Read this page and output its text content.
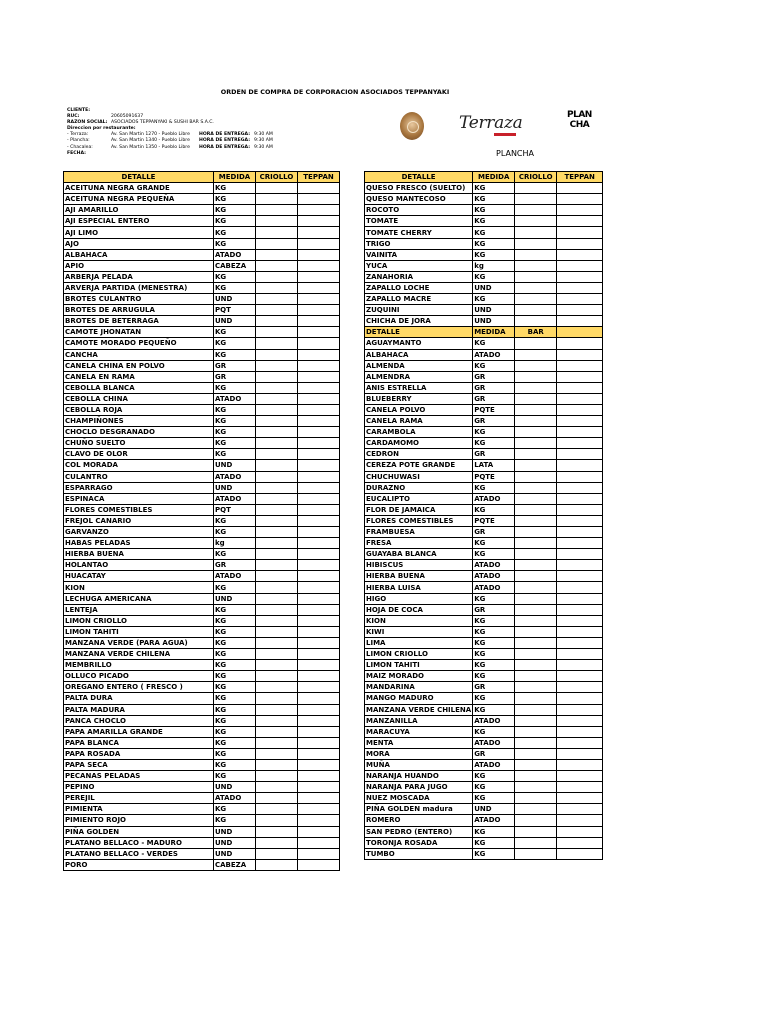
ORDEN DE COMPRA DE CORPORACION ASOCIADOS TEPPANYAKI
CLIENTE:
RUC:	20605091637
RAZON SOCIAL: ASOCIADOS TEPPANYAKI & SUSHI BAR S.A.C.
Direccion por restaurante:
- Terraza:	Av. San Martin 1270 - Pueblo Libre	HORA DE ENTREGA: 9:30 AM
- Plancha:	Av. San Martin 1340 - Pueblo Libre	HORA DE ENTREGA: 9:30 AM
- Chacalea:	Av. San Martin 1350 - Pueblo Libre	HORA DE ENTREGA: 9:30 AM
FECHA:
Terraza	PLAN
CHA
PLANCHA
DETALLE	MEDIDA	CRIOLLO	TEPPAN
ACEITUNA NEGRA GRANDE	KG		
ACEITUNA NEGRA PEQUEÑA	KG		
AJI AMARILLO	KG		
AJI ESPECIAL ENTERO	KG		
AJI LIMO	KG		
AJO	KG		
ALBAHACA	ATADO		
APIO	CABEZA		
ARBERJA PELADA	KG		
ARVERJA PARTIDA (MENESTRA)	KG		
BROTES CULANTRO	UND		
BROTES DE ARRUGULA	PQT		
BROTES DE BETERRAGA	UND		
CAMOTE JHONATAN	KG		
CAMOTE MORADO PEQUEÑO	KG		
CANCHA	KG		
CANELA CHINA EN POLVO	GR		
CANELA EN RAMA	GR		
CEBOLLA BLANCA	KG		
CEBOLLA CHINA	ATADO		
CEBOLLA ROJA	KG		
CHAMPIÑONES	KG		
CHOCLO DESGRANADO	KG		
CHUÑO SUELTO	KG		
CLAVO DE OLOR	KG		
COL MORADA	UND		
CULANTRO	ATADO		
ESPARRAGO	UND		
ESPINACA	ATADO		
FLORES COMESTIBLES	PQT		
FREJOL CANARIO	KG		
GARVANZO	KG		
HABAS PELADAS	kg		
HIERBA BUENA	KG		
HOLANTAO	GR		
HUACATAY	ATADO		
KION	KG		
LECHUGA AMERICANA	UND		
LENTEJA	KG		
LIMON CRIOLLO	KG		
LIMON TAHITI	KG		
MANZANA VERDE (PARA AGUA)	KG		
MANZANA VERDE CHILENA	KG		
MEMBRILLO	KG		
OLLUCO PICADO	KG		
OREGANO ENTERO ( FRESCO )	KG		
PALTA DURA	KG		
PALTA MADURA	KG		
PANCA CHOCLO	KG		
PAPA AMARILLA GRANDE	KG		
PAPA BLANCA	KG		
PAPA ROSADA	KG		
PAPA SECA	KG		
PECANAS PELADAS	KG		
PEPINO	UND		
PEREJIL	ATADO		
PIMIENTA	KG		
PIMIENTO ROJO	KG		
PIÑA GOLDEN	UND		
PLATANO BELLACO - MADURO	UND		
PLATANO BELLACO - VERDES	UND		
PORO	CABEZA		
DETALLE	MEDIDA	CRIOLLO	TEPPAN
QUESO FRESCO (SUELTO)	KG		
QUESO MANTECOSO	KG		
ROCOTO	KG		
TOMATE	KG		
TOMATE CHERRY	KG		
TRIGO	KG		
VAINITA	KG		
YUCA	kg		
ZANAHORIA	KG		
ZAPALLO LOCHE	UND		
ZAPALLO MACRE	KG		
ZUQUINI	UND		
CHICHA DE JORA	UND		
DETALLE	MEDIDA	BAR	
AGUAYMANTO	KG		
ALBAHACA	ATADO		
ALMENDA	KG		
ALMENDRA	GR		
ANIS ESTRELLA	GR		
BLUEBERRY	GR		
CANELA POLVO	PQTE		
CANELA RAMA	GR		
CARAMBOLA	KG		
CARDAMOMO	KG		
CEDRON	GR		
CEREZA POTE GRANDE	LATA		
CHUCHUWASI	PQTE		
DURAZNO	KG		
EUCALIPTO	ATADO		
FLOR DE JAMAICA	KG		
FLORES COMESTIBLES	PQTE		
FRAMBUESA	GR		
FRESA	KG		
GUAYABA BLANCA	KG		
HIBISCUS	ATADO		
HIERBA BUENA	ATADO		
HIERBA LUISA	ATADO		
HIGO	KG		
HOJA DE COCA	GR		
KION	KG		
KIWI	KG		
LIMA	KG		
LIMON CRIOLLO	KG		
LIMON TAHITI	KG		
MAIZ MORADO	KG		
MANDARINA	GR		
MANGO MADURO	KG		
MANZANA VERDE CHILENA	KG		
MANZANILLA	ATADO		
MARACUYA	KG		
MENTA	ATADO		
MORA	GR		
MUÑA	ATADO		
NARANJA HUANDO	KG		
NARANJA PARA JUGO	KG		
NUEZ MOSCADA	KG		
PIÑA GOLDEN madura	UND		
ROMERO	ATADO		
SAN PEDRO (ENTERO)	KG		
TORONJA ROSADA	KG		
TUMBO	KG		
